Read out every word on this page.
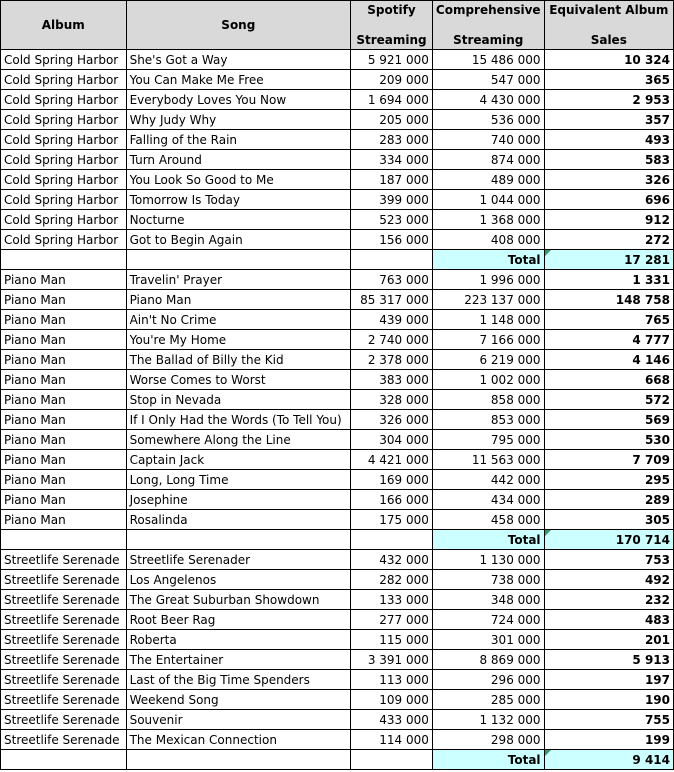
Album	Song	Spotify	Comprehensive	Equivalent Album
		Streaming	Streaming	Sales
Cold Spring Harbor	She's Got a Way	5 921 000	15 486 000	10 324
Cold Spring Harbor	You Can Make Me Free	209 000	547 000	365
Cold Spring Harbor	Everybody Loves You Now	1 694 000	4 430 000	2 953
Cold Spring Harbor	Why Judy Why	205 000	536 000	357
Cold Spring Harbor	Falling of the Rain	283 000	740 000	493
Cold Spring Harbor	Turn Around	334 000	874 000	583
Cold Spring Harbor	You Look So Good to Me	187 000	489 000	326
Cold Spring Harbor	Tomorrow Is Today	399 000	1 044 000	696
Cold Spring Harbor	Nocturne	523 000	1 368 000	912
Cold Spring Harbor	Got to Begin Again	156 000	408 000	272
			Total	17 281
Piano Man	Travelin' Prayer	763 000	1 996 000	1 331
Piano Man	Piano Man	85 317 000	223 137 000	148 758
Piano Man	Ain't No Crime	439 000	1 148 000	765
Piano Man	You're My Home	2 740 000	7 166 000	4 777
Piano Man	The Ballad of Billy the Kid	2 378 000	6 219 000	4 146
Piano Man	Worse Comes to Worst	383 000	1 002 000	668
Piano Man	Stop in Nevada	328 000	858 000	572
Piano Man	If I Only Had the Words (To Tell You)	326 000	853 000	569
Piano Man	Somewhere Along the Line	304 000	795 000	530
Piano Man	Captain Jack	4 421 000	11 563 000	7 709
Piano Man	Long, Long Time	169 000	442 000	295
Piano Man	Josephine	166 000	434 000	289
Piano Man	Rosalinda	175 000	458 000	305
			Total	170 714
Streetlife Serenade	Streetlife Serenader	432 000	1 130 000	753
Streetlife Serenade	Los Angelenos	282 000	738 000	492
Streetlife Serenade	The Great Suburban Showdown	133 000	348 000	232
Streetlife Serenade	Root Beer Rag	277 000	724 000	483
Streetlife Serenade	Roberta	115 000	301 000	201
Streetlife Serenade	The Entertainer	3 391 000	8 869 000	5 913
Streetlife Serenade	Last of the Big Time Spenders	113 000	296 000	197
Streetlife Serenade	Weekend Song	109 000	285 000	190
Streetlife Serenade	Souvenir	433 000	1 132 000	755
Streetlife Serenade	The Mexican Connection	114 000	298 000	199
			Total	9 414
